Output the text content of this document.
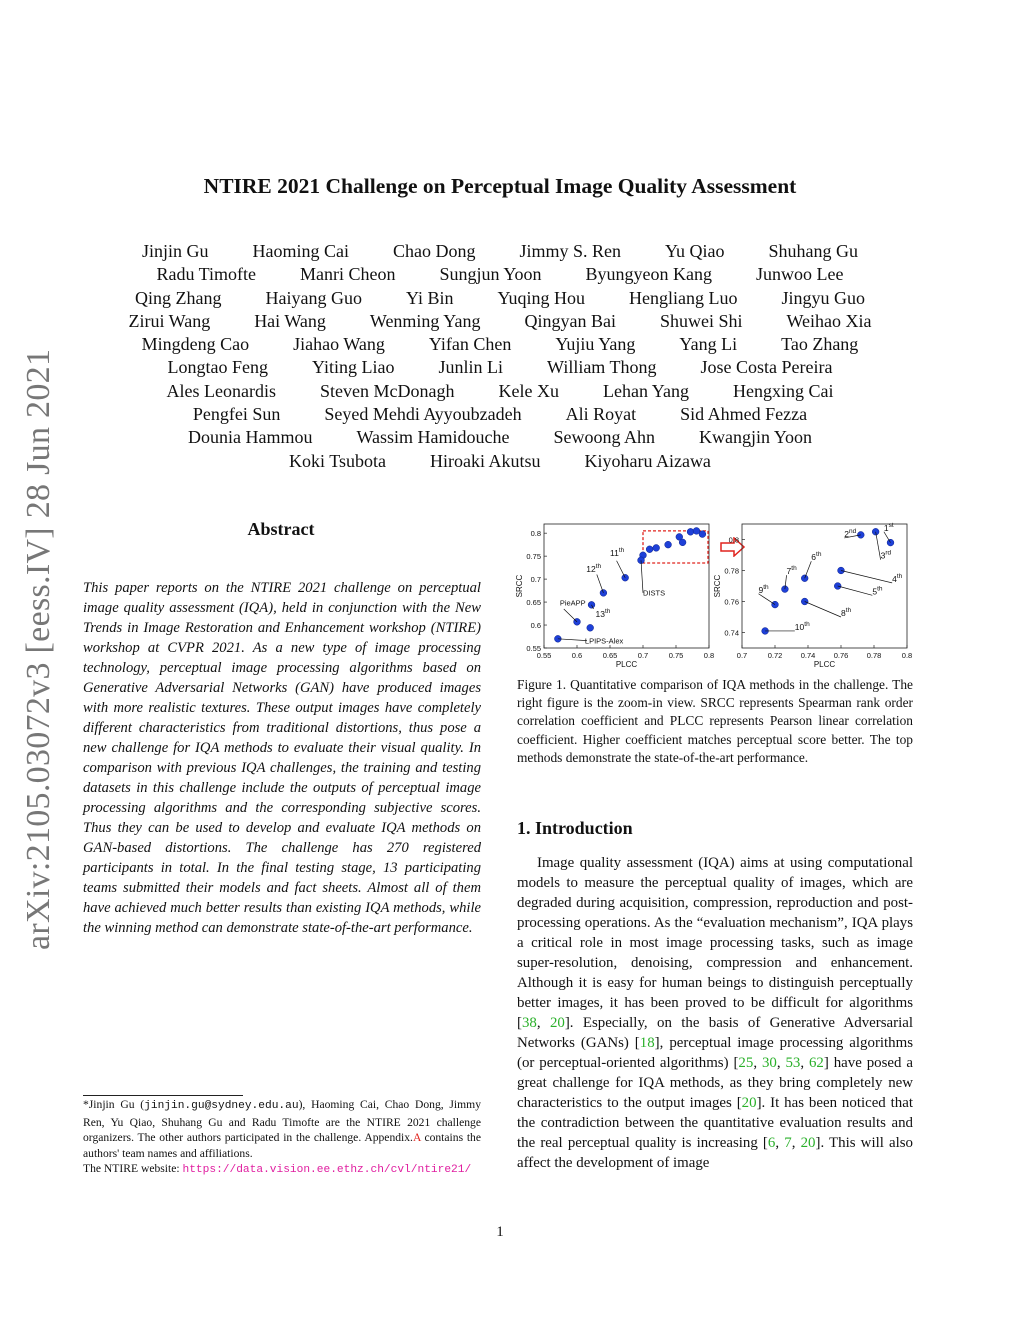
arXiv:2105.03072v3 [eess.IV] 28 Jun 2021
NTIRE 2021 Challenge on Perceptual Image Quality Assessment
Jinjin Gu Haoming Cai Chao Dong Jimmy S. Ren Yu Qiao Shuhang Gu
Radu Timofte Manri Cheon Sungjun Yoon Byungyeon Kang Junwoo Lee
Qing Zhang Haiyang Guo Yi Bin Yuqing Hou Hengliang Luo Jingyu Guo
Zirui Wang Hai Wang Wenming Yang Qingyan Bai Shuwei Shi Weihao Xia
Mingdeng Cao Jiahao Wang Yifan Chen Yujiu Yang Yang Li Tao Zhang
Longtao Feng Yiting Liao Junlin Li William Thong Jose Costa Pereira
Ales Leonardis Steven McDonagh Kele Xu Lehan Yang Hengxing Cai
Pengfei Sun Seyed Mehdi Ayyoubzadeh Ali Royat Sid Ahmed Fezza
Dounia Hammou Wassim Hamidouche Sewoong Ahn Kwangjin Yoon
Koki Tsubota Hiroaki Akutsu Kiyoharu Aizawa
Abstract
This paper reports on the NTIRE 2021 challenge on perceptual image quality assessment (IQA), held in conjunction with the New Trends in Image Restoration and Enhancement workshop (NTIRE) workshop at CVPR 2021. As a new type of image processing technology, perceptual image processing algorithms based on Generative Adversarial Networks (GAN) have produced images with more realistic textures. These output images have completely different characteristics from traditional distortions, thus pose a new challenge for IQA methods to evaluate their visual quality. In comparison with previous IQA challenges, the training and testing datasets in this challenge include the outputs of perceptual image processing algorithms and the corresponding subjective scores. Thus they can be used to develop and evaluate IQA methods on GAN-based distortions. The challenge has 270 registered participants in total. In the final testing stage, 13 participating teams submitted their models and fact sheets. Almost all of them have achieved much better results than existing IQA methods, while the winning method can demonstrate state-of-the-art performance.
*Jinjin Gu (jinjin.gu@sydney.edu.au), Haoming Cai, Chao Dong, Jimmy Ren, Yu Qiao, Shuhang Gu and Radu Timofte are the NTIRE 2021 challenge organizers. The other authors participated in the challenge. Appendix.A contains the authors' team names and affiliations.
The NTIRE website: https://data.vision.ee.ethz.ch/cvl/ntire21/
0.55	0.6	0.65	0.7	0.75	0.8
0.55
0.6
0.65
0.7
0.75
0.8
PLCC
SRCC
11th
12th
13th
PieAPP
LPIPS-Alex
DISTS
0.7	0.72 0.74 0.76 0.78	0.8
0.74
0.76
0.78
0.8
PLCC
SRCC
1st
2nd
3rd
4th
5th
6th
7th
8th
9th
10th
Figure 1. Quantitative comparison of IQA methods in the challenge. The right figure is the zoom-in view. SRCC represents Spearman rank order correlation coefficient and PLCC represents Pearson linear correlation coefficient. Higher coefficient matches perceptual score better. The top methods demonstrate the state-of-the-art performance.
1. Introduction
Image quality assessment (IQA) aims at using computational models to measure the perceptual quality of images, which are degraded during acquisition, compression, reproduction and post-processing operations. As the “evaluation mechanism”, IQA plays a critical role in most image processing tasks, such as image super-resolution, denoising, compression and enhancement. Although it is easy for human beings to distinguish perceptually better images, it has been proved to be difficult for algorithms [38, 20]. Especially, on the basis of Generative Adversarial Networks (GANs) [18], perceptual image processing algorithms (or perceptual-oriented algorithms) [25, 30, 53, 62] have posed a great challenge for IQA methods, as they bring completely new characteristics to the output images [20]. It has been noticed that the contradiction between the quantitative evaluation results and the real perceptual quality is increasing [6, 7, 20]. This will also affect the development of image
1
